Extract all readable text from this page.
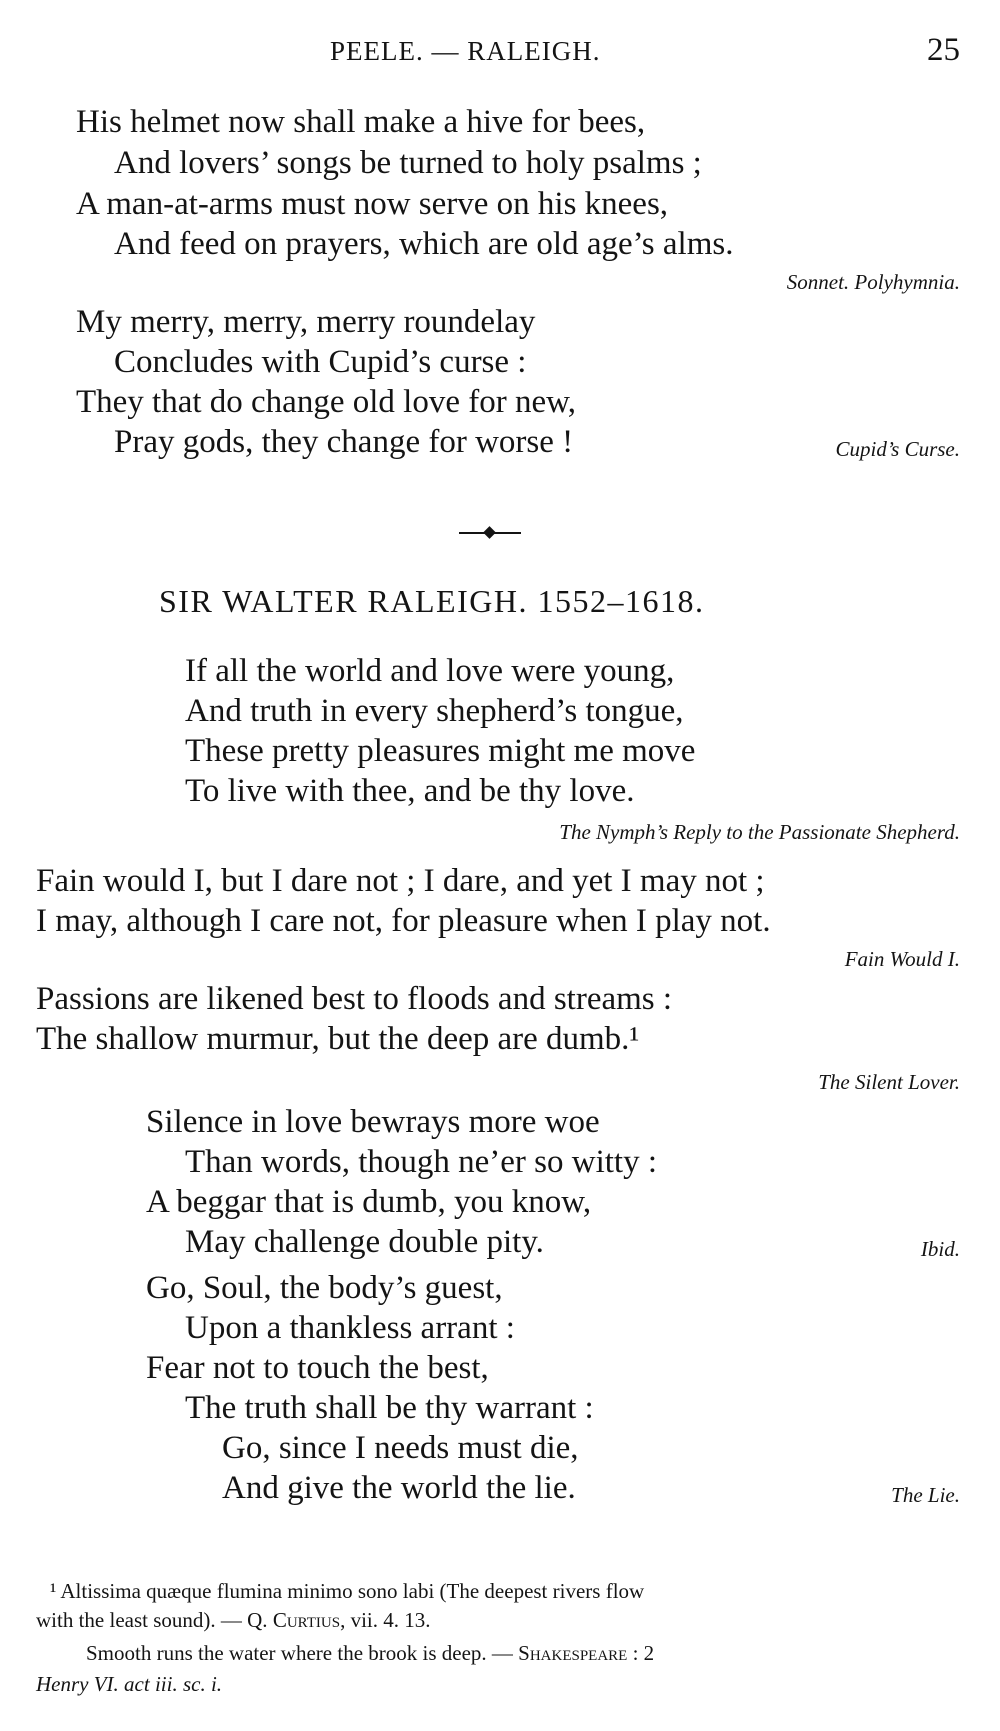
PEELE. — RALEIGH.	25
His helmet now shall make a hive for bees,
And lovers’ songs be turned to holy psalms ;
A man-at-arms must now serve on his knees,
And feed on prayers, which are old age’s alms.
Sonnet. Polyhymnia.
My merry, merry, merry roundelay
Concludes with Cupid’s curse :
They that do change old love for new,
Pray gods, they change for worse !	Cupid’s Curse.
SIR WALTER RALEIGH. 1552–1618.
If all the world and love were young,
And truth in every shepherd’s tongue,
These pretty pleasures might me move
To live with thee, and be thy love.
The Nymph’s Reply to the Passionate Shepherd.
Fain would I, but I dare not ; I dare, and yet I may not ;
I may, although I care not, for pleasure when I play not.
Fain Would I.
Passions are likened best to floods and streams :
The shallow murmur, but the deep are dumb.¹
The Silent Lover.
Silence in love bewrays more woe
Than words, though ne’er so witty :
A beggar that is dumb, you know,
May challenge double pity.	Ibid.
Go, Soul, the body’s guest,
Upon a thankless arrant :
Fear not to touch the best,
The truth shall be thy warrant :
Go, since I needs must die,
And give the world the lie.	The Lie.
¹ Altissima quæque flumina minimo sono labi (The deepest rivers flow
with the least sound). — Q. Curtius, vii. 4. 13.
Smooth runs the water where the brook is deep. — Shakespeare : 2
Henry VI. act iii. sc. i.
